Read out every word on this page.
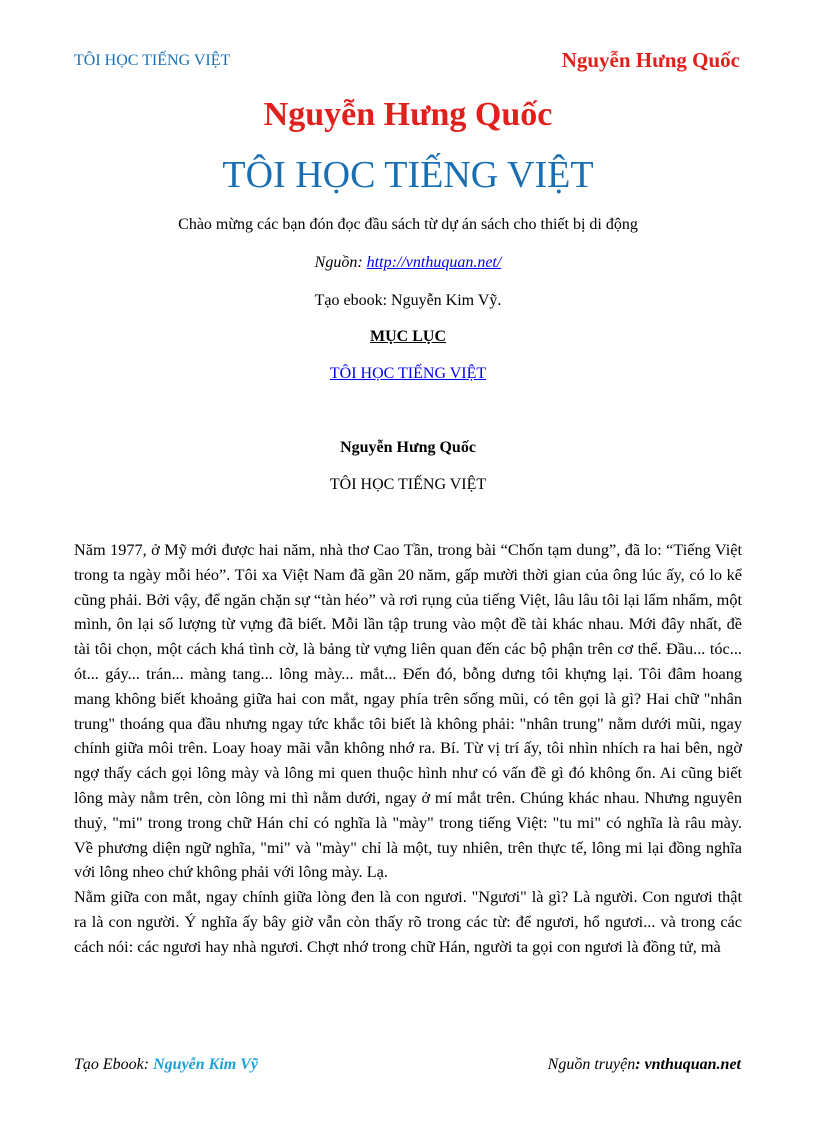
TÔI HỌC TIẾNG VIỆT	Nguyễn Hưng Quốc
Nguyễn Hưng Quốc
TÔI HỌC TIẾNG VIỆT
Chào mừng các bạn đón đọc đầu sách từ dự án sách cho thiết bị di động
Nguồn: http://vnthuquan.net/
Tạo ebook: Nguyễn Kim Vỹ.
MỤC LỤC
TÔI HỌC TIẾNG VIỆT
Nguyễn Hưng Quốc
TÔI HỌC TIẾNG VIỆT

Năm 1977, ở Mỹ mới được hai năm, nhà thơ Cao Tần, trong bài “Chốn tạm dung”, đã lo: “Tiếng Việt trong ta ngày mỗi héo”. Tôi xa Việt Nam đã gần 20 năm, gấp mười thời gian của ông lúc ấy, có lo kể cũng phải. Bởi vậy, để ngăn chặn sự “tàn héo” và rơi rụng của tiếng Việt, lâu lâu tôi lại lẩm nhẩm, một mình, ôn lại số lượng từ vựng đã biết. Mỗi lần tập trung vào một đề tài khác nhau. Mới đây nhất, đề tài tôi chọn, một cách khá tình cờ, là bảng từ vựng liên quan đến các bộ phận trên cơ thể. Đầu... tóc... ót... gáy... trán... màng tang... lông mày... mắt... Đến đó, bỗng dưng tôi khựng lại. Tôi đâm hoang mang không biết khoảng giữa hai con mắt, ngay phía trên sống mũi, có tên gọi là gì? Hai chữ "nhân trung" thoáng qua đầu nhưng ngay tức khắc tôi biết là không phải: "nhân trung" nằm dưới mũi, ngay chính giữa môi trên. Loay hoay mãi vẫn không nhớ ra. Bí. Từ vị trí ấy, tôi nhìn nhích ra hai bên, ngờ ngợ thấy cách gọi lông mày và lông mi quen thuộc hình như có vấn đề gì đó không ổn. Ai cũng biết lông mày nằm trên, còn lông mi thì nằm dưới, ngay ở mí mắt trên. Chúng khác nhau. Nhưng nguyên thuỷ, "mi" trong trong chữ Hán chỉ có nghĩa là "mày" trong tiếng Việt: "tu mi" có nghĩa là râu mày. Về phương diện ngữ nghĩa, "mi" và "mày" chỉ là một, tuy nhiên, trên thực tế, lông mi lại đồng nghĩa với lông nheo chứ không phải với lông mày. Lạ.

Nằm giữa con mắt, ngay chính giữa lòng đen là con ngươi. "Ngươi" là gì? Là người. Con ngươi thật ra là con người. Ý nghĩa ấy bây giờ vẫn còn thấy rõ trong các từ: để ngươi, hổ ngươi... và trong các cách nói: các ngươi hay nhà ngươi. Chợt nhớ trong chữ Hán, người ta gọi con ngươi là đồng tử, mà

Tạo Ebook: Nguyễn Kim Vỹ	Nguồn truyện: vnthuquan.net
